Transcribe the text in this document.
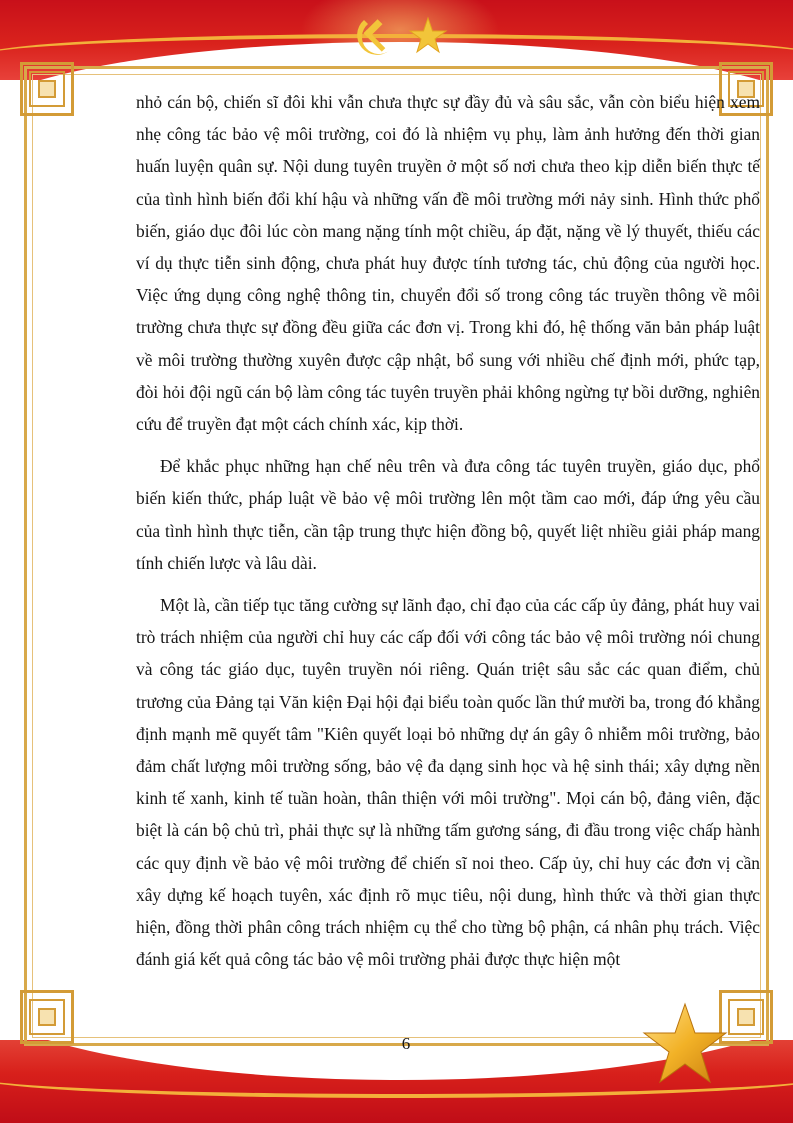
nhỏ cán bộ, chiến sĩ đôi khi vẫn chưa thực sự đầy đủ và sâu sắc, vẫn còn biểu hiện xem nhẹ công tác bảo vệ môi trường, coi đó là nhiệm vụ phụ, làm ảnh hưởng đến thời gian huấn luyện quân sự. Nội dung tuyên truyền ở một số nơi chưa theo kịp diễn biến thực tế của tình hình biến đổi khí hậu và những vấn đề môi trường mới nảy sinh. Hình thức phổ biến, giáo dục đôi lúc còn mang nặng tính một chiều, áp đặt, nặng về lý thuyết, thiếu các ví dụ thực tiễn sinh động, chưa phát huy được tính tương tác, chủ động của người học. Việc ứng dụng công nghệ thông tin, chuyển đổi số trong công tác truyền thông về môi trường chưa thực sự đồng đều giữa các đơn vị. Trong khi đó, hệ thống văn bản pháp luật về môi trường thường xuyên được cập nhật, bổ sung với nhiều chế định mới, phức tạp, đòi hỏi đội ngũ cán bộ làm công tác tuyên truyền phải không ngừng tự bồi dưỡng, nghiên cứu để truyền đạt một cách chính xác, kịp thời.

Để khắc phục những hạn chế nêu trên và đưa công tác tuyên truyền, giáo dục, phổ biến kiến thức, pháp luật về bảo vệ môi trường lên một tầm cao mới, đáp ứng yêu cầu của tình hình thực tiễn, cần tập trung thực hiện đồng bộ, quyết liệt nhiều giải pháp mang tính chiến lược và lâu dài.

Một là, cần tiếp tục tăng cường sự lãnh đạo, chỉ đạo của các cấp ủy đảng, phát huy vai trò trách nhiệm của người chỉ huy các cấp đối với công tác bảo vệ môi trường nói chung và công tác giáo dục, tuyên truyền nói riêng. Quán triệt sâu sắc các quan điểm, chủ trương của Đảng tại Văn kiện Đại hội đại biểu toàn quốc lần thứ mười ba, trong đó khẳng định mạnh mẽ quyết tâm "Kiên quyết loại bỏ những dự án gây ô nhiễm môi trường, bảo đảm chất lượng môi trường sống, bảo vệ đa dạng sinh học và hệ sinh thái; xây dựng nền kinh tế xanh, kinh tế tuần hoàn, thân thiện với môi trường". Mọi cán bộ, đảng viên, đặc biệt là cán bộ chủ trì, phải thực sự là những tấm gương sáng, đi đầu trong việc chấp hành các quy định về bảo vệ môi trường để chiến sĩ noi theo. Cấp ủy, chỉ huy các đơn vị cần xây dựng kế hoạch tuyên, xác định rõ mục tiêu, nội dung, hình thức và thời gian thực hiện, đồng thời phân công trách nhiệm cụ thể cho từng bộ phận, cá nhân phụ trách. Việc đánh giá kết quả công tác bảo vệ môi trường phải được thực hiện một

6
